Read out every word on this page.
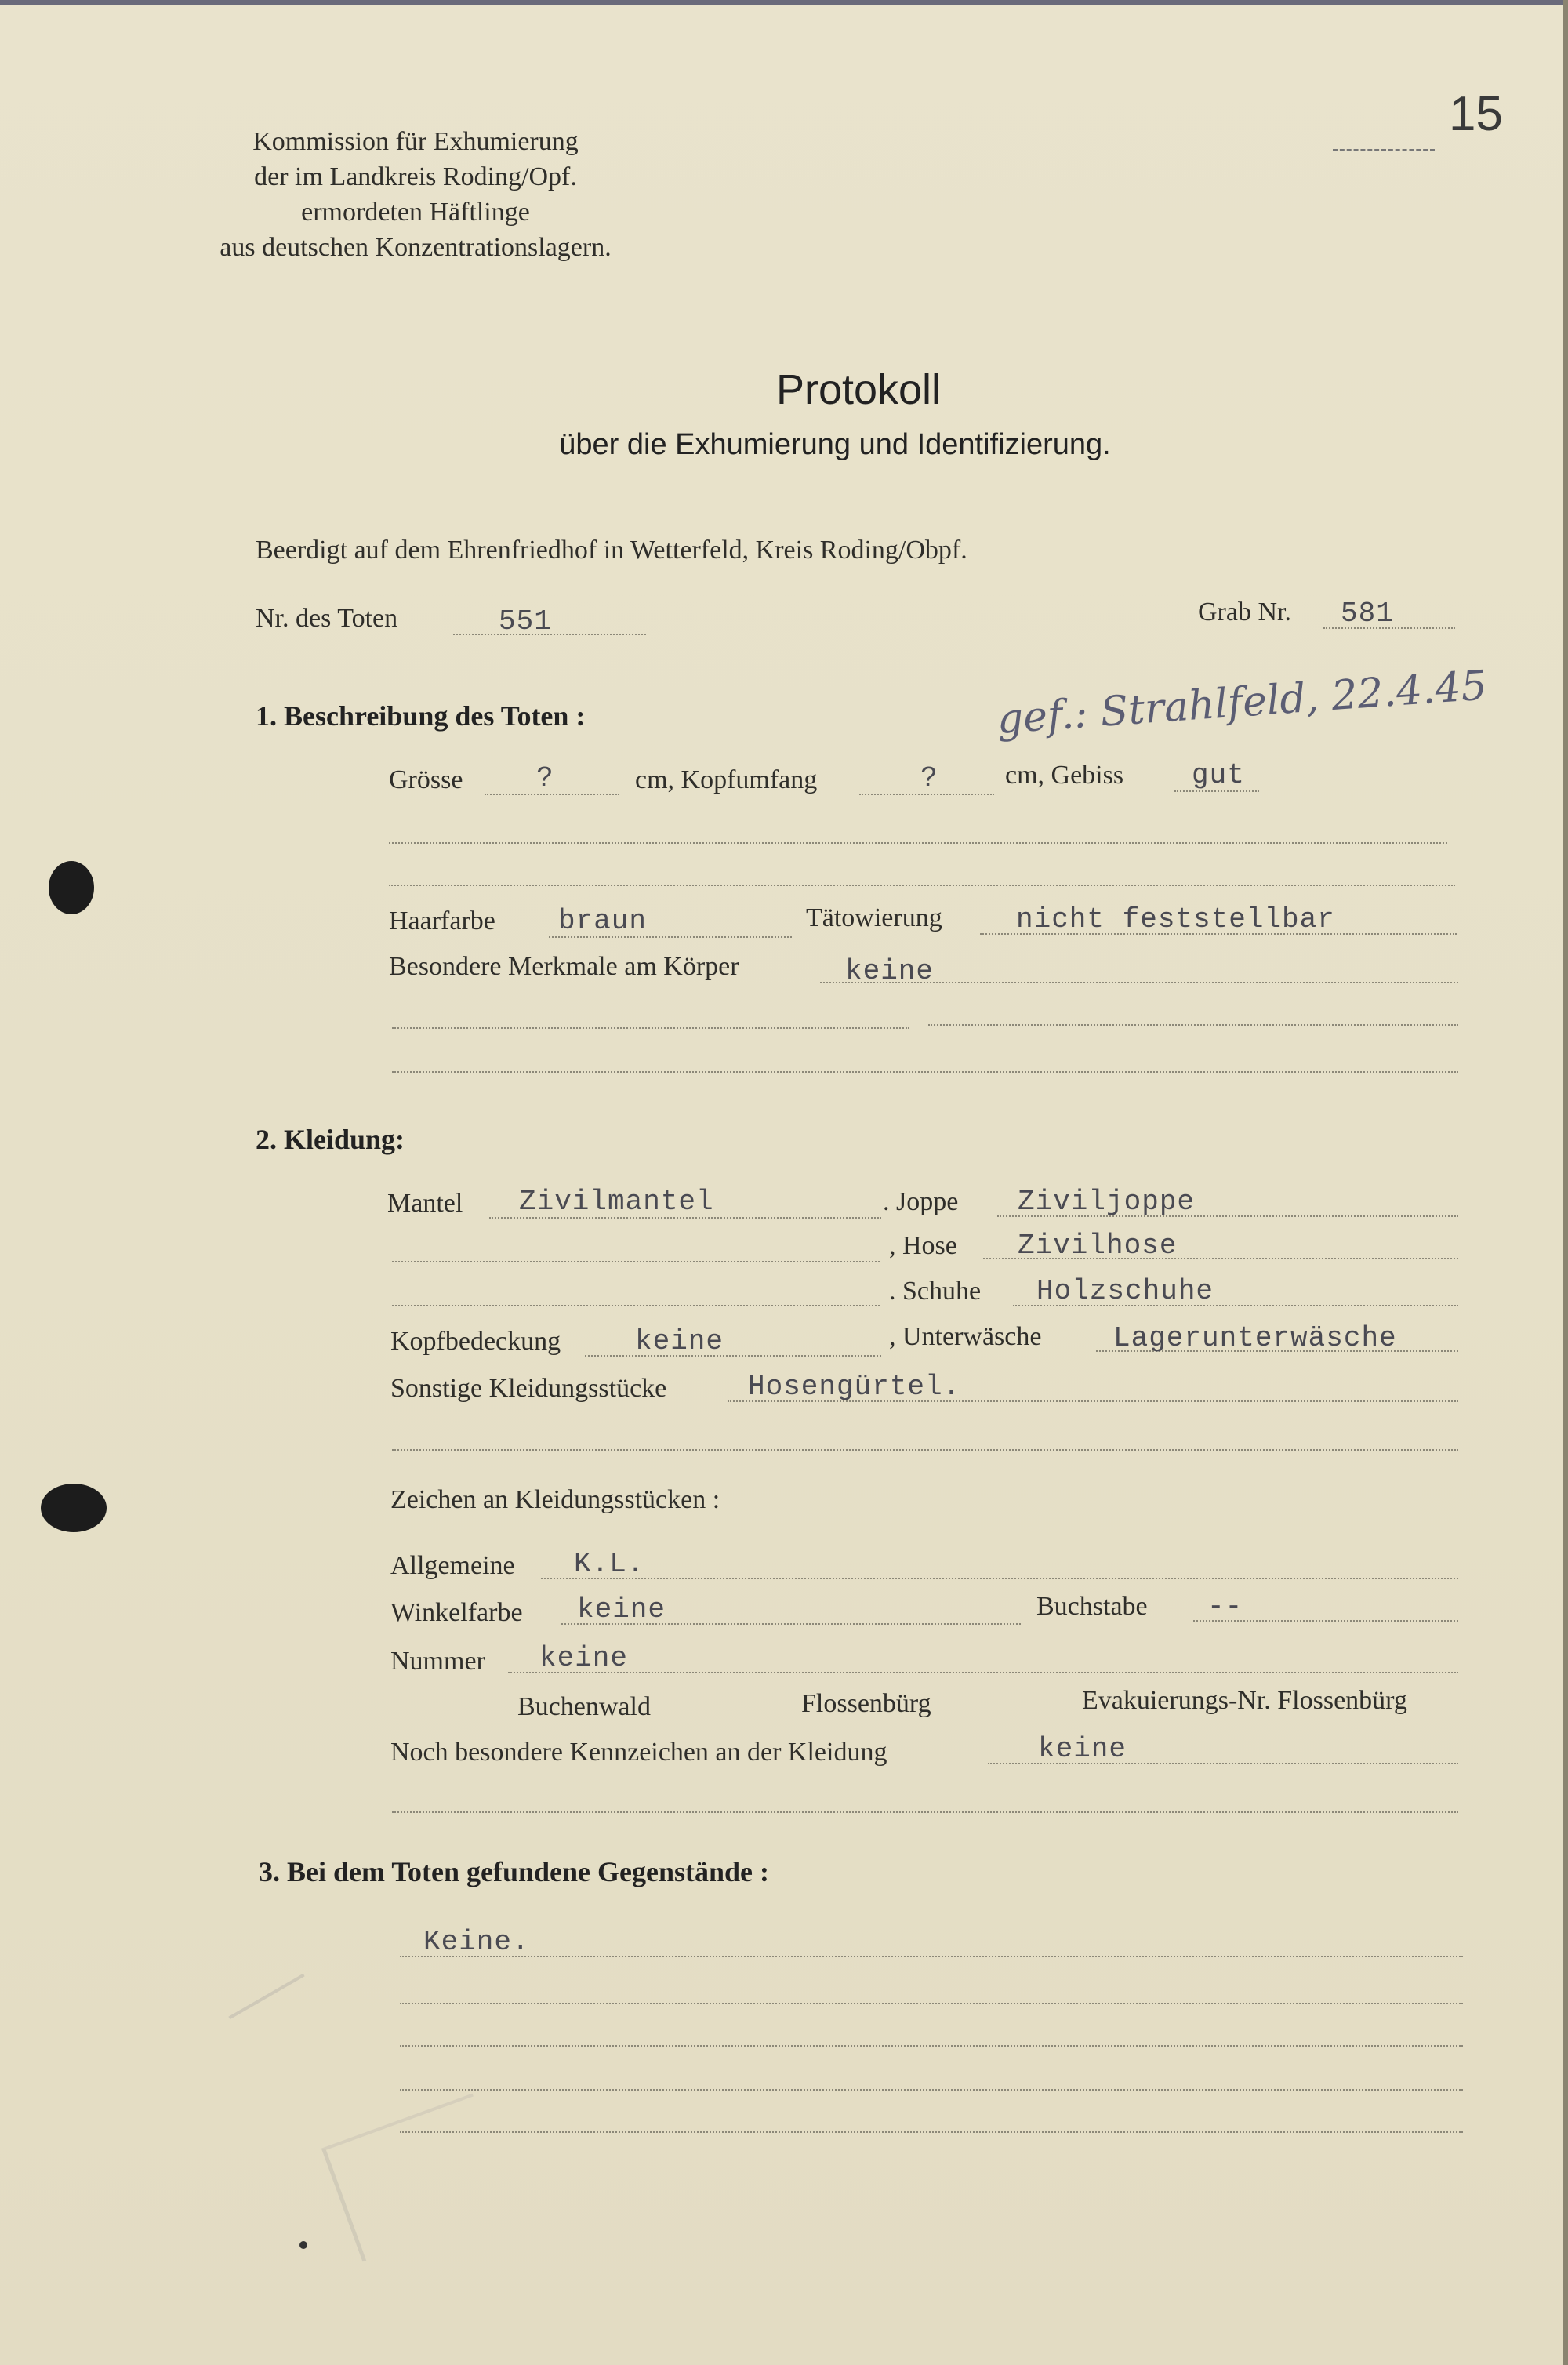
Kommission für Exhumierung
der im Landkreis Roding/Opf.
ermordeten Häftlinge
aus deutschen Konzentrationslagern.
15
Protokoll
über die Exhumierung und Identifizierung.
Beerdigt auf dem Ehrenfriedhof in Wetterfeld, Kreis Roding/Obpf.
Nr. des Toten	551	Grab Nr. 581
1. Beschreibung des Toten :	gef.: Strahlfeld, 22.4.45
Grösse	?	cm, Kopfumfang	?	cm, Gebiss gut
Haarfarbe braun	Tätowierung	nicht feststellbar
Besondere Merkmale am Körper	keine
2. Kleidung:
Mantel Zivilmantel	. Joppe Ziviljoppe
, Hose Zivilhose
. Schuhe Holzschuhe
Kopfbedeckung	keine	, Unterwäsche	Lagerunterwäsche
Sonstige Kleidungsstücke	Hosengürtel.
Zeichen an Kleidungsstücken :
Allgemeine K.L.
Winkelfarbe keine	Buchstabe --
Nummer keine
Buchenwald	Flossenbürg	Evakuierungs-Nr. Flossenbürg
Noch besondere Kennzeichen an der Kleidung	keine
3. Bei dem Toten gefundene Gegenstände :
Keine.
